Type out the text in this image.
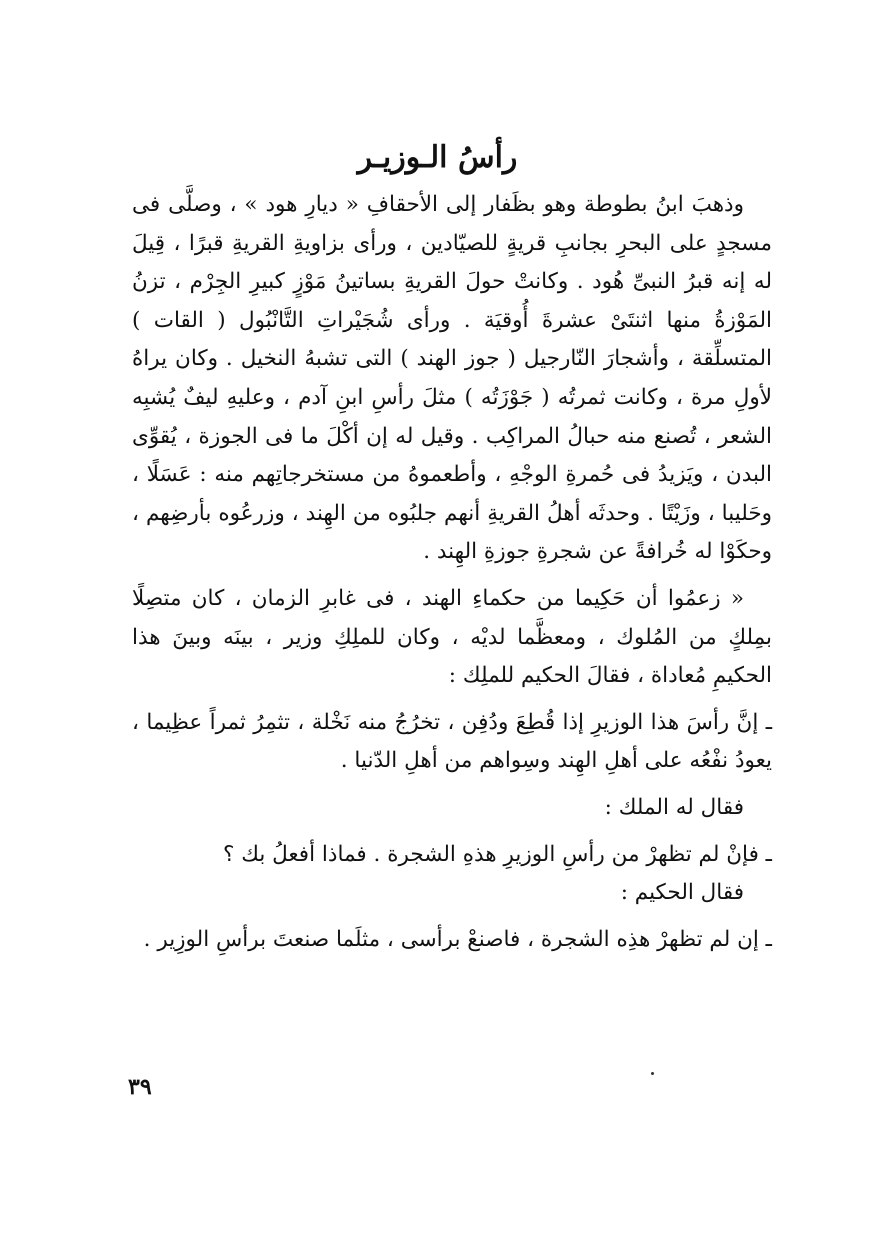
رأسُ الـوزيـر

وذهبَ ابنُ بطوطة وهو بظَفار إلى الأحقافِ « ديارِ هود » ، وصلَّى فى مسجدٍ على البحرِ بجانبِ قريةٍ للصيّادين ، ورأى بزاويةِ القريةِ قبرًا ، قِيلَ له إنه قبرُ النبىِّ هُود . وكانتْ حولَ القريةِ بساتينُ مَوْزٍ كبيرِ الجِرْم ، تزنُ المَوْزةُ منها اثنتَىْ عشرةَ أُوقيَة . ورأى شُجَيْراتِ التَّانْبُول ( القات ) المتسلِّقة ، وأشجارَ النّارجيل ( جوز الهند ) التى تشبهُ النخيل . وكان يراهُ لأولِ مرة ، وكانت ثمرتُه ( جَوْزَتُه ) مثلَ رأسِ ابنِ آدم ، وعليهِ ليفٌ يُشبِه الشعر ، تُصنع منه حبالُ المراكِب . وقيل له إن أكْلَ ما فى الجوزة ، يُقوِّى البدن ، ويَزيدُ فى حُمرةِ الوجْهِ ، وأطعموهُ من مستخرجاتِهم منه : عَسَلًا ، وحَليبا ، وزَيْتًا . وحدثَه أهلُ القريةِ أنهم جلبُوه من الهِند ، وزرعُوه بأرضِهم ، وحكَوْا له خُرافةً عن شجرةِ جوزةِ الهِند .

« زعمُوا أن حَكِيما من حكماءِ الهند ، فى غابرِ الزمان ، كان متصِلًا بمِلكٍ من المُلوك ، ومعظَّما لديْه ، وكان للملِكِ وزير ، بينَه وبينَ هذا الحكيمِ مُعاداة ، فقالَ الحكيم للملِك :

ـ إنَّ رأسَ هذا الوزيرِ إذا قُطِعَ ودُفِن ، تخرُجُ منه نَخْلة ، تثمِرُ ثمراً عظِيما ، يعودُ نفْعُه على أهلِ الهِند وسِواهم من أهلِ الدّنيا .

فقال له الملك :

ـ فإنْ لم تظهرْ من رأسِ الوزيرِ هذهِ الشجرة . فماذا أفعلُ بك ؟

فقال الحكيم :

ـ إن لم تظهرْ هذِه الشجرة ، فاصنعْ برأسى ، مثلَما صنعتَ برأسِ الوزِير .

٣٩
